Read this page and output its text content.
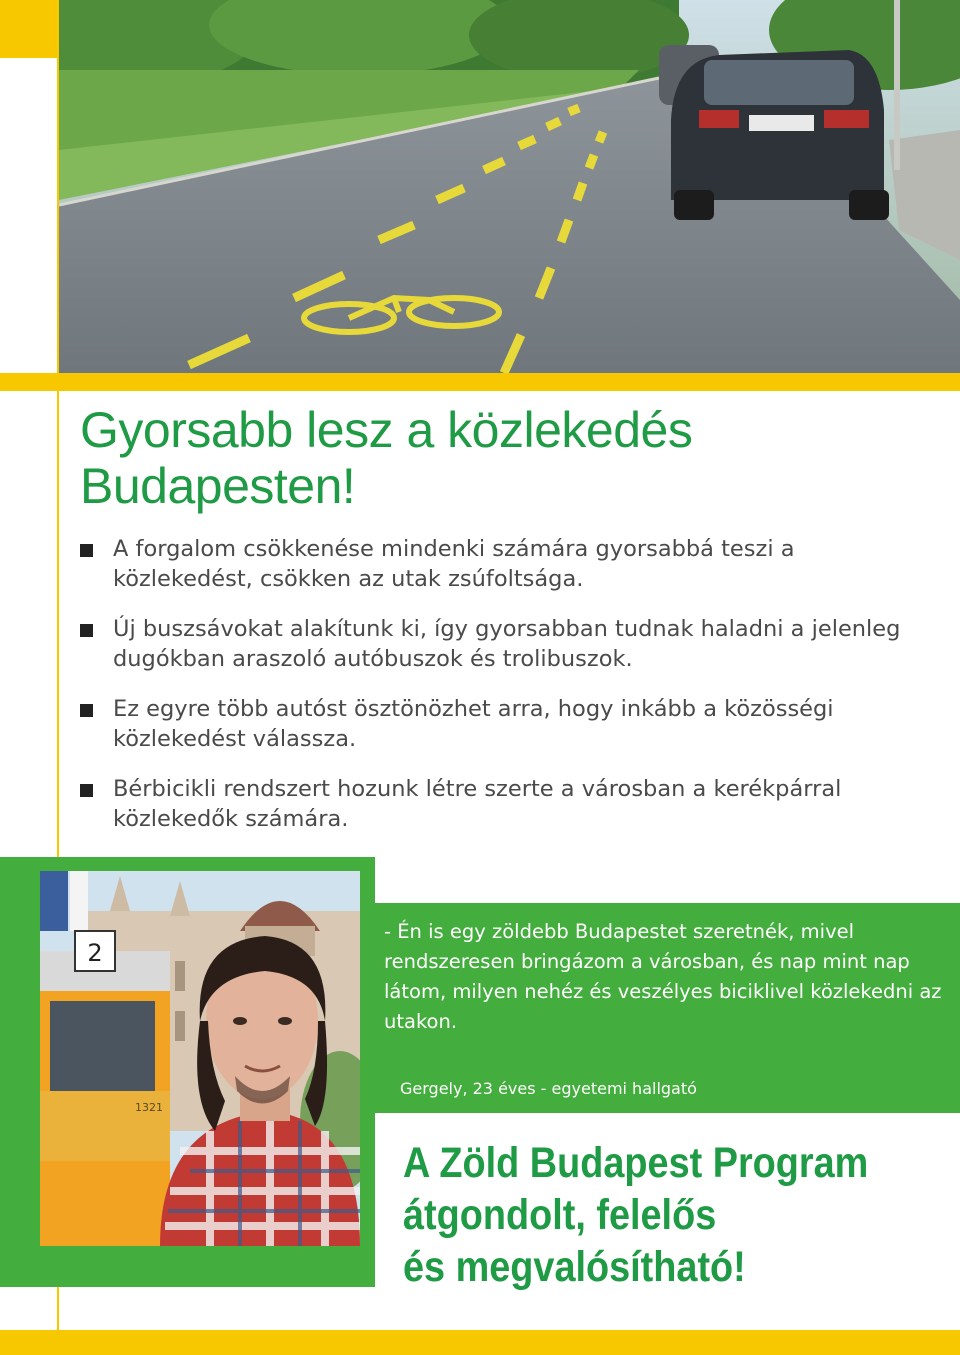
Gyorsabb lesz a közlekedés Budapesten!
A forgalom csökkenése mindenki számára gyorsabbá teszi a közlekedést, csökken az utak zsúfoltsága.
Új buszsávokat alakítunk ki, így gyorsabban tudnak haladni a jelenleg dugókban araszoló autóbuszok és trolibuszok.
Ez egyre több autóst ösztönözhet arra, hogy inkább a közösségi közlekedést válassza.
Bérbicikli rendszert hozunk létre szerte a városban a kerékpárral közlekedők számára.
2
1321

- Én is egy zöldebb Budapestet szeretnék, mivel rendszeresen bringázom a városban, és nap mint nap látom, milyen nehéz és veszélyes biciklivel közlekedni az utakon.

Gergely, 23 éves - egyetemi hallgató
A Zöld Budapest Program
átgondolt, felelős
és megvalósítható!
